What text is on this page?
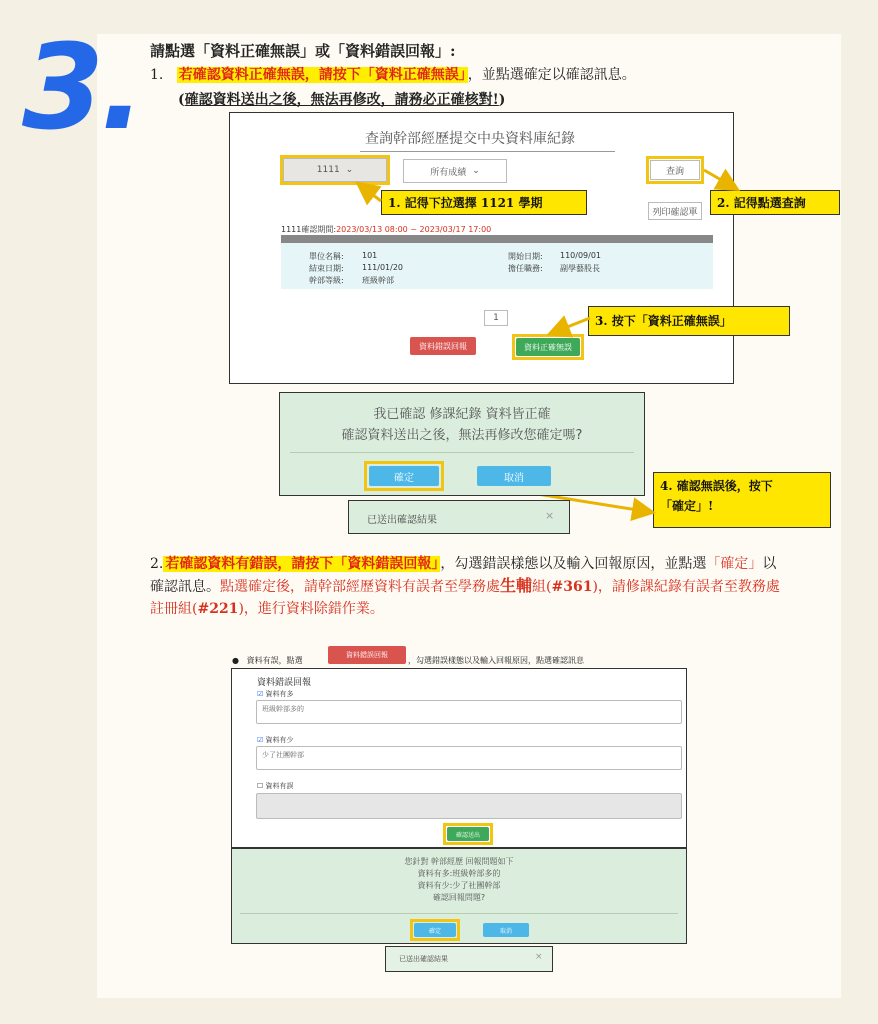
3. 請點選「資料正確無誤」或「資料錯誤回報」:
1. 若確認資料正確無誤，請按下「資料正確無誤」 ，並點選確定以確認訊息。
(確認資料送出之後，無法再修改，請務必正確核對!)
查詢幹部經歷提交中央資料庫紀錄
1111 ⌄	所有成績 ⌄	查詢
列印確認單
1111確認期間:2023/03/13 08:00 ~ 2023/03/17 17:00
單位名稱: 101	開始日期: 110/09/01
結束日期: 111/01/20	擔任職務: 副學藝股長
幹部等級: 班級幹部
1
資料錯誤回報	資料正確無誤
1. 記得下拉選擇 1121 學期	2. 記得點選查詢
3. 按下「資料正確無誤」
4. 確認無誤後，按下
「確定」!
我已確認 修課紀錄 資料皆正確
確認資料送出之後，無法再修改您確定嗎?
確定	取消
已送出確認結果	×
2. 若確認資料有錯誤，請按下「資料錯誤回報」 ，勾選錯誤樣態以及輸入回報原因，並點選「確定」以確認訊息。點選確定後，請幹部經歷資料有誤者至學務處生輔組(#361)，請修課紀錄有誤者至教務處註冊組(#221)，進行資料除錯作業。
●   資料有誤，點選
資料錯誤回報
，勾選錯誤樣態以及輸入回報原因，點選確認訊息
資料錯誤回報
☑ 資料有多
班級幹部多的
☑ 資料有少
少了社團幹部
☐ 資料有誤
確認送出
您針對 幹部經歷 回報問題如下
資料有多:班級幹部多的
資料有少:少了社團幹部
確認回報問題?
確定	取消
已送出確認結果	×
